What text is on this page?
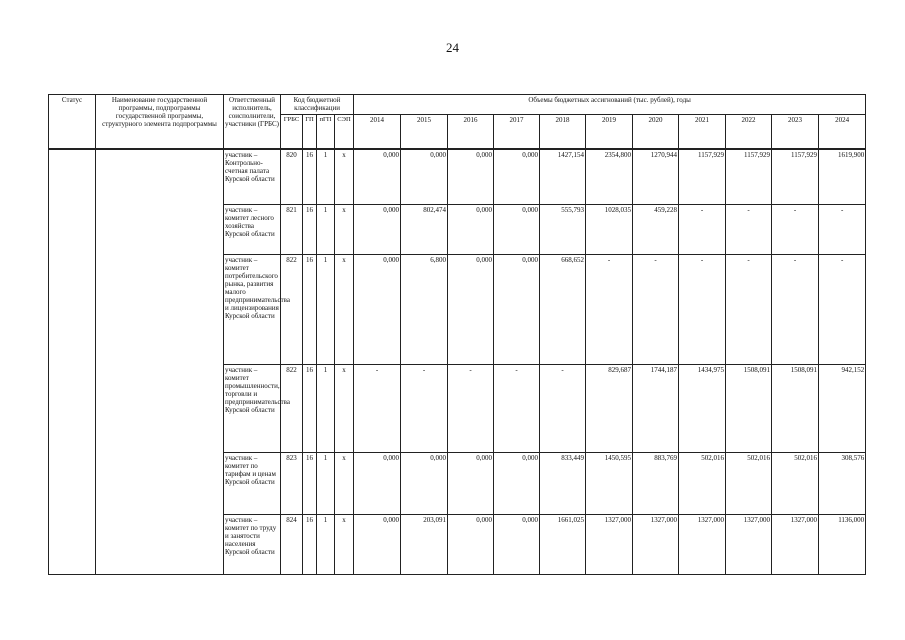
24
Статус	Наименование государственной программы, подпрограммы государственной программы, структурного элемента подпрограммы	Ответственный исполнитель, соисполнители, участники (ГРБС)	Код бюджетной классификации				Объемы бюджетных ассигнований (тыс. рублей), годы										
			ГРБС	ГП	пГП	СЭП	2014	2015	2016	2017	2018	2019	2020	2021	2022	2023	2024
		участник – Контрольно-счетная палата Курской области	820	16	1	х	0,000	0,000	0,000	0,000	1427,154	2354,800	1270,944	1157,929	1157,929	1157,929	1619,900
		участник – комитет лесного хозяйства Курской области	821	16	1	х	0,000	802,474	0,000	0,000	555,793	1028,035	459,228	-	-	-	-
		участник – комитет потребительского рынка, развития малого предпринимательства и лицензирования Курской области	822	16	1	х	0,000	6,800	0,000	0,000	668,652	-	-	-	-	-	-
		участник – комитет промышленности, торговли и предпринимательства Курской области	822	16	1	х	-	-	-	-	-	829,687	1744,187	1434,975	1508,091	1508,091	942,152
		участник – комитет по тарифам и ценам Курской области	823	16	1	х	0,000	0,000	0,000	0,000	833,449	1450,595	883,769	502,016	502,016	502,016	308,576
		участник – комитет по труду и занятости населения Курской области	824	16	1	х	0,000	203,091	0,000	0,000	1661,025	1327,000	1327,000	1327,000	1327,000	1327,000	1136,000
